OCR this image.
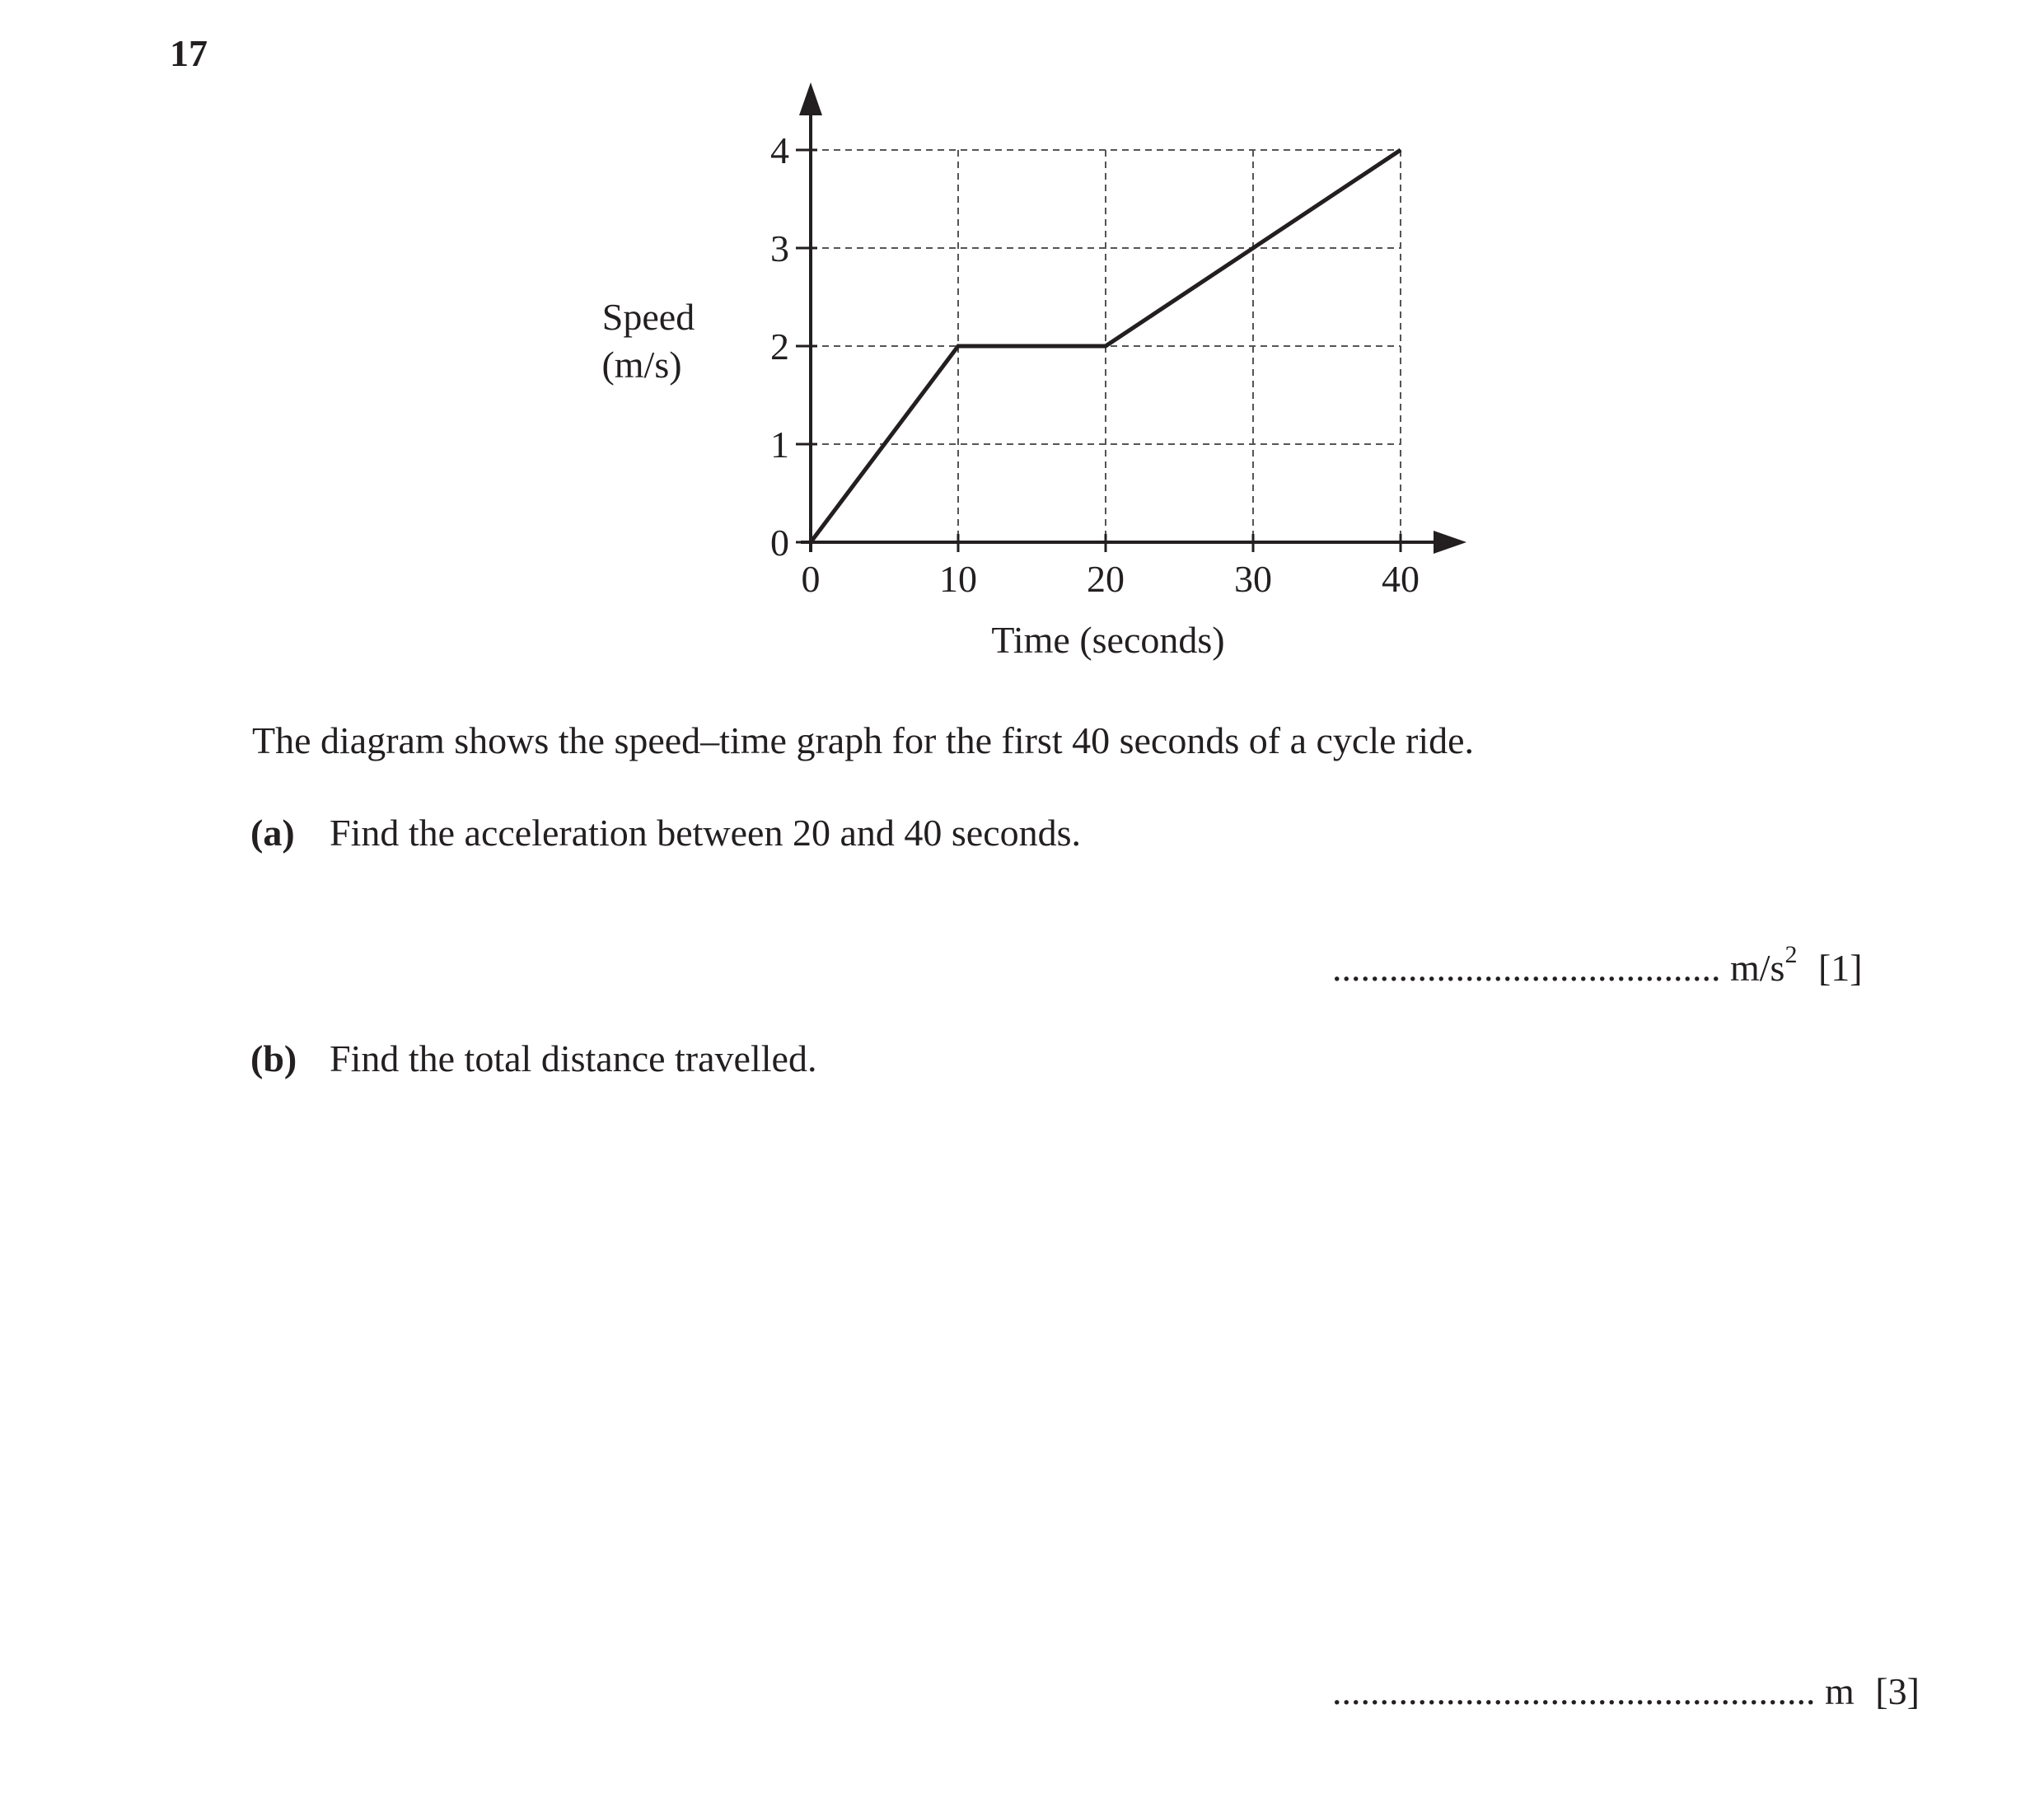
17
0	10	20	30	40
0
1
2
3
4
Speed
(m/s)
Time (seconds)
The diagram shows the speed–time graph for the first 40 seconds of a cycle ride.
(a) Find the acceleration between 20 and 40 seconds.
......................................... $m/s^2$ [1]
(b) Find the total distance travelled.
................................................... m [3]
